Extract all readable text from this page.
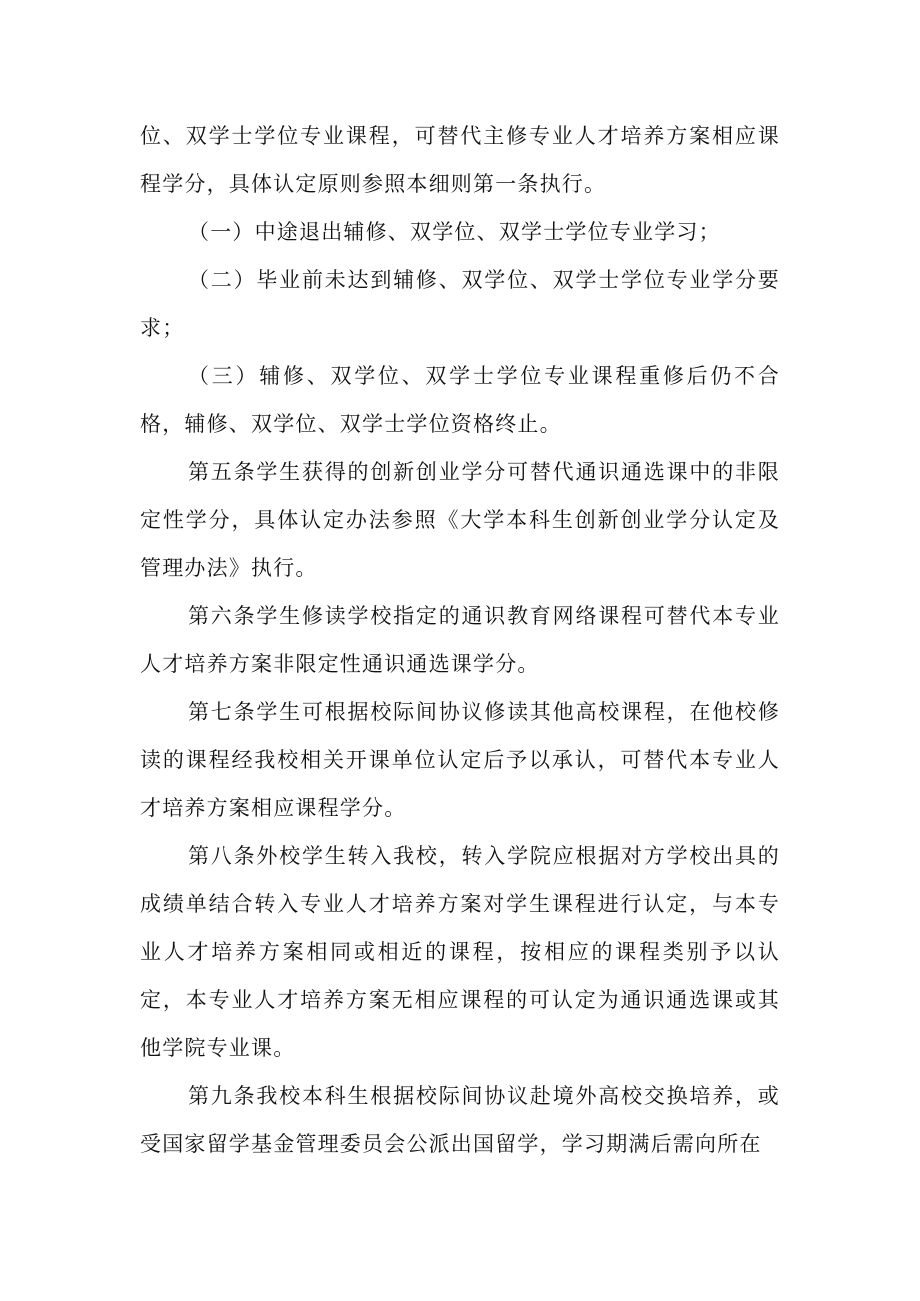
位、双学士学位专业课程，可替代主修专业人才培养方案相应课程学分，具体认定原则参照本细则第一条执行。

（一）中途退出辅修、双学位、双学士学位专业学习；

（二）毕业前未达到辅修、双学位、双学士学位专业学分要求；

（三）辅修、双学位、双学士学位专业课程重修后仍不合格，辅修、双学位、双学士学位资格终止。

第五条学生获得的创新创业学分可替代通识通选课中的非限定性学分，具体认定办法参照《大学本科生创新创业学分认定及管理办法》执行。

第六条学生修读学校指定的通识教育网络课程可替代本专业人才培养方案非限定性通识通选课学分。

第七条学生可根据校际间协议修读其他高校课程，在他校修读的课程经我校相关开课单位认定后予以承认，可替代本专业人才培养方案相应课程学分。

第八条外校学生转入我校，转入学院应根据对方学校出具的成绩单结合转入专业人才培养方案对学生课程进行认定，与本专业人才培养方案相同或相近的课程，按相应的课程类别予以认定，本专业人才培养方案无相应课程的可认定为通识通选课或其他学院专业课。

第九条我校本科生根据校际间协议赴境外高校交换培养，或受国家留学基金管理委员会公派出国留学，学习期满后需向所在
